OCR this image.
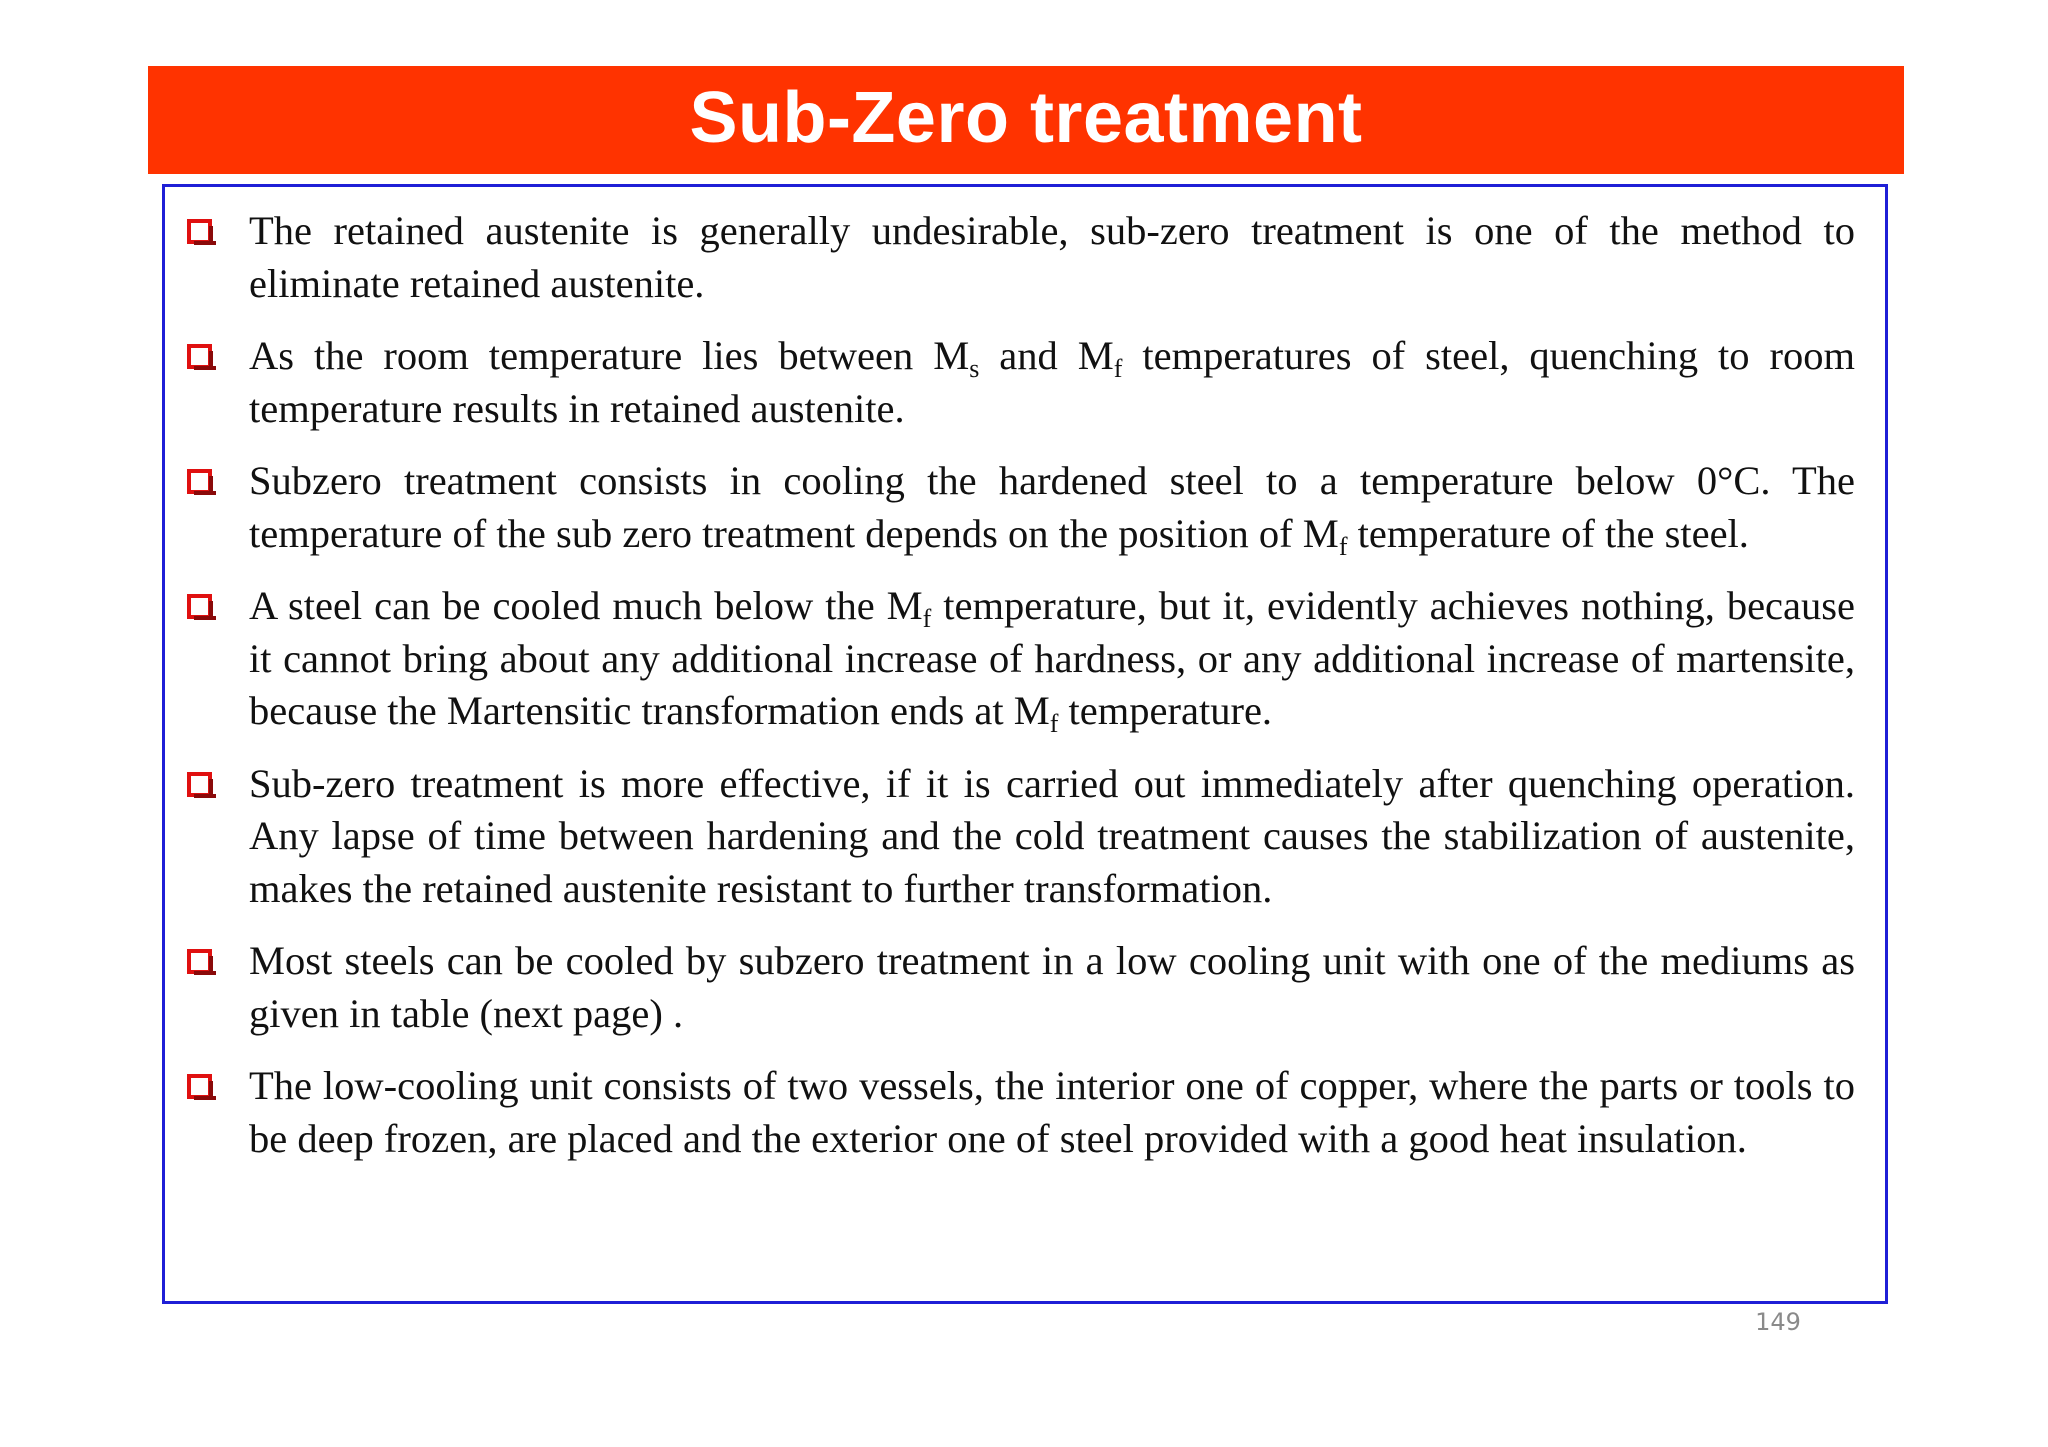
Sub-Zero treatment
The retained austenite is generally undesirable, sub-zero treatment is one of the method to eliminate retained austenite.
As the room temperature lies between $M_s$ and $M_f$ temperatures of steel, quenching to room temperature results in retained austenite.
Subzero treatment consists in cooling the hardened steel to a temperature below 0°C. The temperature of the sub zero treatment depends on the position of $M_f$ temperature of the steel.
A steel can be cooled much below the $M_f$ temperature, but it, evidently achieves nothing, because it cannot bring about any additional increase of hardness, or any additional increase of martensite, because the Martensitic transformation ends at $M_f$ temperature.
Sub-zero treatment is more effective, if it is carried out immediately after quenching operation. Any lapse of time between hardening and the cold treatment causes the stabilization of austenite, makes the retained austenite resistant to further transformation.
Most steels can be cooled by subzero treatment in a low cooling unit with one of the mediums as given in table (next page) .
The low-cooling unit consists of two vessels, the interior one of copper, where the parts or tools to be deep frozen, are placed and the exterior one of steel provided with a good heat insulation.
149
